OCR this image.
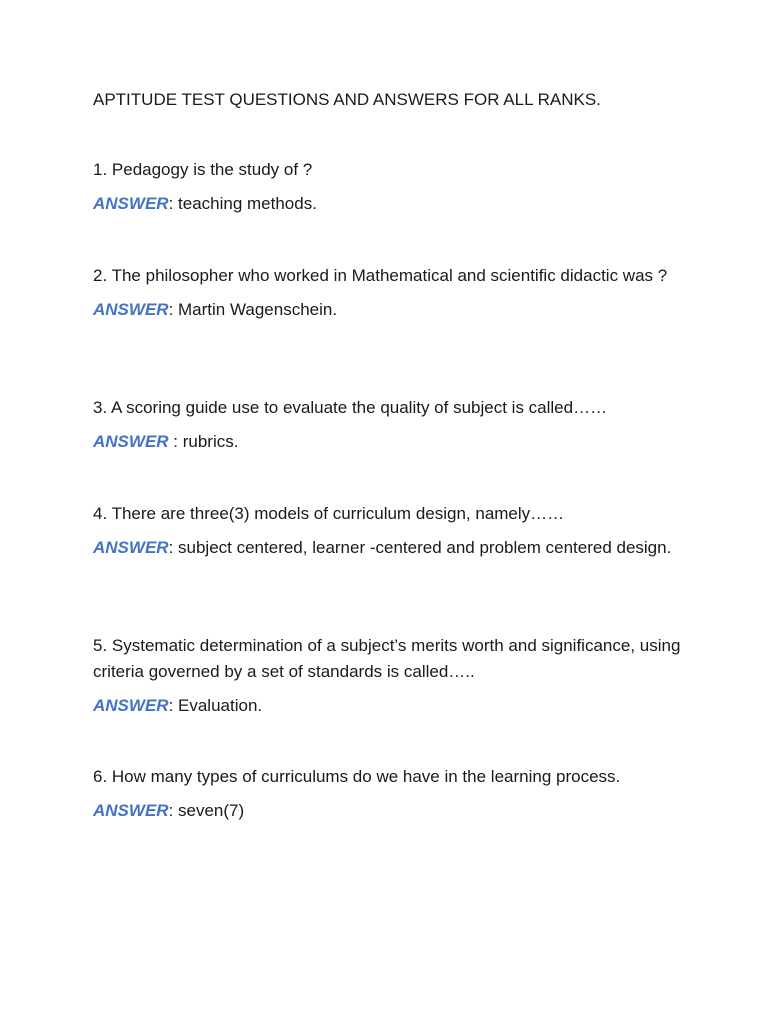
APTITUDE TEST QUESTIONS AND ANSWERS FOR ALL RANKS.

1. Pedagogy is the study of ?

ANSWER: teaching methods.

2. The philosopher who worked in Mathematical and scientific didactic was ?

ANSWER: Martin Wagenschein.

3. A scoring guide use to evaluate the quality of subject is called……

ANSWER : rubrics.

4. There are three(3) models of curriculum design, namely……

ANSWER: subject centered, learner -centered and problem centered design.

5. Systematic determination of a subject’s merits worth and significance, using criteria governed by a set of standards is called…..

ANSWER: Evaluation.

6. How many types of curriculums do we have in the learning process.

ANSWER: seven(7)
